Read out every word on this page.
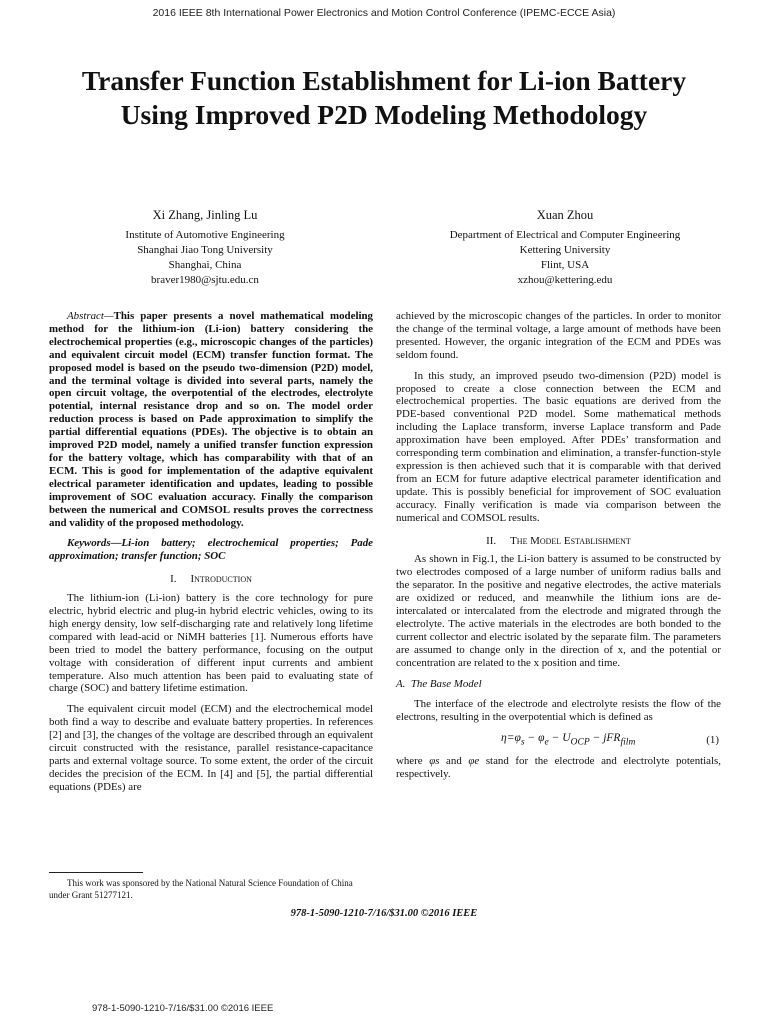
2016 IEEE 8th International Power Electronics and Motion Control Conference (IPEMC-ECCE Asia)
Transfer Function Establishment for Li-ion Battery Using Improved P2D Modeling Methodology
Xi Zhang, Jinling Lu
Institute of Automotive Engineering
Shanghai Jiao Tong University
Shanghai, China
braver1980@sjtu.edu.cn
Xuan Zhou
Department of Electrical and Computer Engineering
Kettering University
Flint, USA
xzhou@kettering.edu

Abstract—This paper presents a novel mathematical modeling method for the lithium-ion (Li-ion) battery considering the electrochemical properties (e.g., microscopic changes of the particles) and equivalent circuit model (ECM) transfer function format. The proposed model is based on the pseudo two-dimension (P2D) model, and the terminal voltage is divided into several parts, namely the open circuit voltage, the overpotential of the electrodes, electrolyte potential, internal resistance drop and so on. The model order reduction process is based on Pade approximation to simplify the partial differential equations (PDEs). The objective is to obtain an improved P2D model, namely a unified transfer function expression for the battery voltage, which has comparability with that of an ECM. This is good for implementation of the adaptive equivalent electrical parameter identification and updates, leading to possible improvement of SOC evaluation accuracy. Finally the comparison between the numerical and COMSOL results proves the correctness and validity of the proposed methodology.

Keywords—Li-ion battery; electrochemical properties; Pade approximation; transfer function; SOC

I. Introduction

The lithium-ion (Li-ion) battery is the core technology for pure electric, hybrid electric and plug-in hybrid electric vehicles, owing to its high energy density, low self-discharging rate and relatively long lifetime compared with lead-acid or NiMH batteries [1]. Numerous efforts have been tried to model the battery performance, focusing on the output voltage with consideration of different input currents and ambient temperature. Also much attention has been paid to evaluating state of charge (SOC) and battery lifetime estimation.

The equivalent circuit model (ECM) and the electrochemical model both find a way to describe and evaluate battery properties. In references [2] and [3], the changes of the voltage are described through an equivalent circuit constructed with the resistance, parallel resistance-capacitance parts and external voltage source. To some extent, the order of the circuit decides the precision of the ECM. In [4] and [5], the partial differential equations (PDEs) are

achieved by the microscopic changes of the particles. In order to monitor the change of the terminal voltage, a large amount of methods have been presented. However, the organic integration of the ECM and PDEs was seldom found.

In this study, an improved pseudo two-dimension (P2D) model is proposed to create a close connection between the ECM and electrochemical properties. The basic equations are derived from the PDE-based conventional P2D model. Some mathematical methods including the Laplace transform, inverse Laplace transform and Pade approximation have been employed. After PDEs’ transformation and corresponding term combination and elimination, a transfer-function-style expression is then achieved such that it is comparable with that derived from an ECM for future adaptive electrical parameter identification and update. This is possibly beneficial for improvement of SOC evaluation accuracy. Finally verification is made via comparison between the numerical and COMSOL results.

II. The Model Establishment

As shown in Fig.1, the Li-ion battery is assumed to be constructed by two electrodes composed of a large number of uniform radius balls and the separator. In the positive and negative electrodes, the active materials are oxidized or reduced, and meanwhile the lithium ions are de-intercalated or intercalated from the electrode and migrated through the electrolyte. The active materials in the electrodes are both bonded to the current collector and electric isolated by the separate film. The parameters are assumed to change only in the direction of x, and the potential or concentration are related to the x position and time.

A. The Base Model

The interface of the electrode and electrolyte resists the flow of the electrons, resulting in the overpotential which is defined as

$\eta=\varphi_s - \varphi_e - U_{OCP} - jFR_{film}$	(1)

where φs and φe stand for the electrode and electrolyte potentials, respectively.

This work was sponsored by the National Natural Science Foundation of China under Grant 51277121.
978-1-5090-1210-7/16/$31.00 ©2016 IEEE
978-1-5090-1210-7/16/$31.00 ©2016 IEEE
